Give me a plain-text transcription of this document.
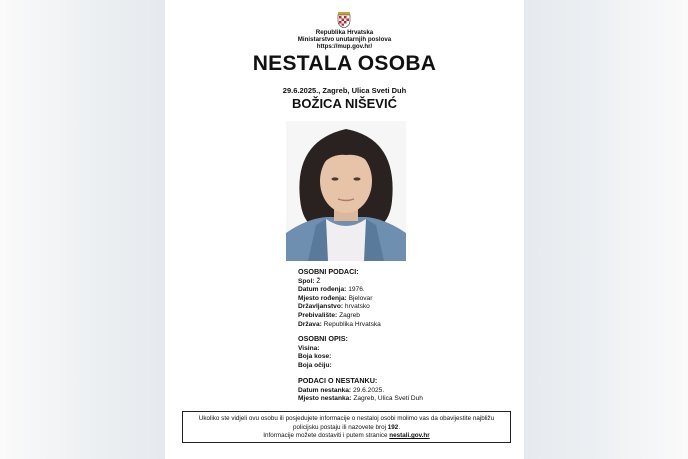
Republika Hrvatska
Ministarstvo unutarnjih poslova
https://mup.gov.hr/
NESTALA OSOBA
29.6.2025., Zagreb, Ulica Sveti Duh
BOŽICA NIŠEVIĆ
OSOBNI PODACI:
Spol: Ž
Datum rođenja: 1976.
Mjesto rođenja: Bjelovar
Državljanstvo: hrvatsko
Prebivalište: Zagreb
Država: Republika Hrvatska
OSOBNI OPIS:
Visina:
Boja kose:
Boja očiju:
PODACI O NESTANKU:
Datum nestanka: 29.6.2025.
Mjesto nestanka: Zagreb, Ulica Sveti Duh
Ukoliko ste vidjeli ovu osobu ili posjedujete informacije o nestaloj osobi molimo vas da obavijestite najbližu
policijsku postaju ili nazovete broj 192.
Informacije možete dostaviti i putem stranice nestali.gov.hr
